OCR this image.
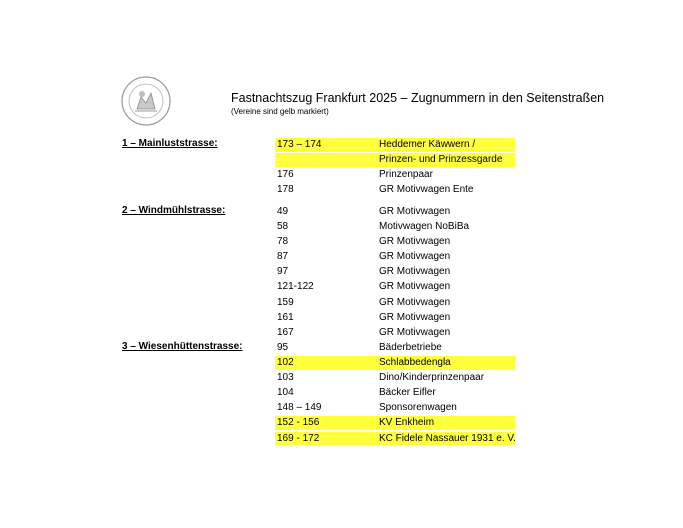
Fastnachtszug Frankfurt 2025 – Zugnummern in den Seitenstraßen
(Vereine sind gelb markiert)
1 – Mainluststrasse:	173 – 174	Heddemer Käwwern /
Prinzen- und Prinzessgarde
176	Prinzenpaar
178	GR Motivwagen Ente
2 – Windmühlstrasse:	49	GR Motivwagen
58	Motivwagen NoBiBa
78	GR Motivwagen
87	GR Motivwagen
97	GR Motivwagen
121-122	GR Motivwagen
159	GR Motivwagen
161	GR Motivwagen
167	GR Motivwagen
3 – Wiesenhüttenstrasse:	95	Bäderbetriebe
102	Schlabbedengla
103	Dino/Kinderprinzenpaar
104	Bäcker Eifler
148 – 149	Sponsorenwagen
152 - 156	KV Enkheim
169 - 172	KC Fidele Nassauer 1931 e. V.
